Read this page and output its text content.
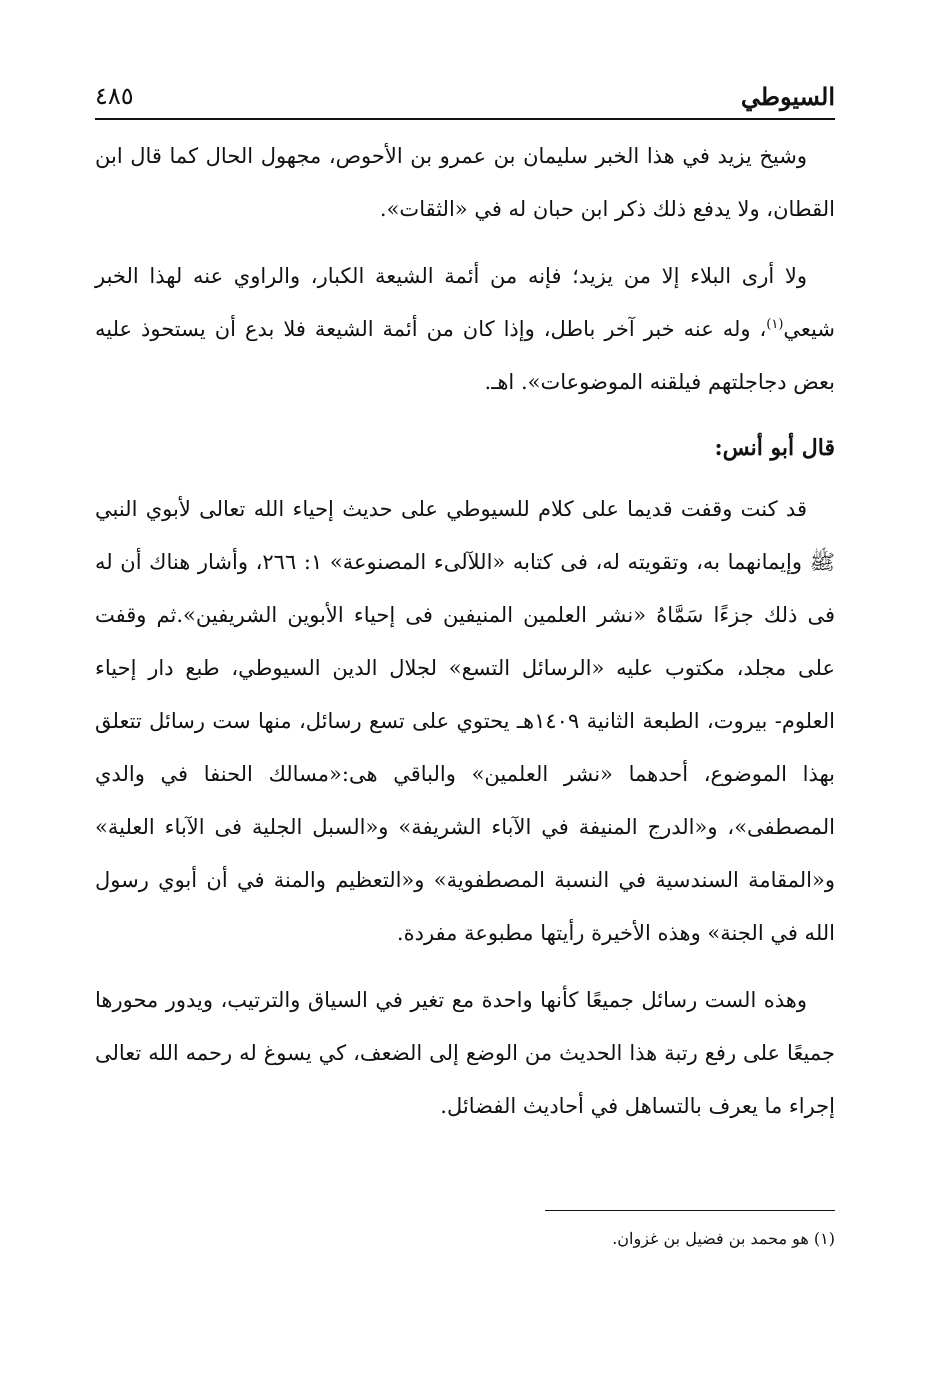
السيوطي
٤٨٥

وشيخ يزيد في هذا الخبر سليمان بن عمرو بن الأحوص، مجهول الحال كما قال ابن القطان، ولا يدفع ذلك ذكر ابن حبان له في «الثقات».

ولا أرى البلاء إلا من يزيد؛ فإنه من أئمة الشيعة الكبار، والراوي عنه لهذا الخبر شيعي$^{(١)}$، وله عنه خبر آخر باطل، وإذا كان من أئمة الشيعة فلا بدع أن يستحوذ عليه بعض دجاجلتهم فيلقنه الموضوعات». اهـ.

قال أبو أنس:

قد كنت وقفت قديما على كلام للسيوطي على حديث إحياء الله تعالى لأبوي النبي ﷺ وإيمانهما به، وتقويته له، فى كتابه «اللآلىء المصنوعة» ١: ٢٦٦، وأشار هناك أن له فى ذلك جزءًا سَمَّاهُ «نشر العلمين المنيفين فى إحياء الأبوين الشريفين».ثم وقفت على مجلد، مكتوب عليه «الرسائل التسع» لجلال الدين السيوطي، طبع دار إحياء العلوم- بيروت، الطبعة الثانية ١٤٠٩هـ يحتوي على تسع رسائل، منها ست رسائل تتعلق بهذا الموضوع، أحدهما «نشر العلمين» والباقي هى:«مسالك الحنفا في والدي المصطفى»، و«الدرج المنيفة في الآباء الشريفة» و«السبل الجلية فى الآباء العلية» و«المقامة السندسية في النسبة المصطفوية» و«التعظيم والمنة في أن أبوي رسول الله في الجنة» وهذه الأخيرة رأيتها مطبوعة مفردة.

وهذه الست رسائل جميعًا كأنها واحدة مع تغير في السياق والترتيب، ويدور محورها جميعًا على رفع رتبة هذا الحديث من الوضع إلى الضعف، كي يسوغ له رحمه الله تعالى إجراء ما يعرف بالتساهل في أحاديث الفضائل.

(١) هو محمد بن فضيل بن غزوان.
